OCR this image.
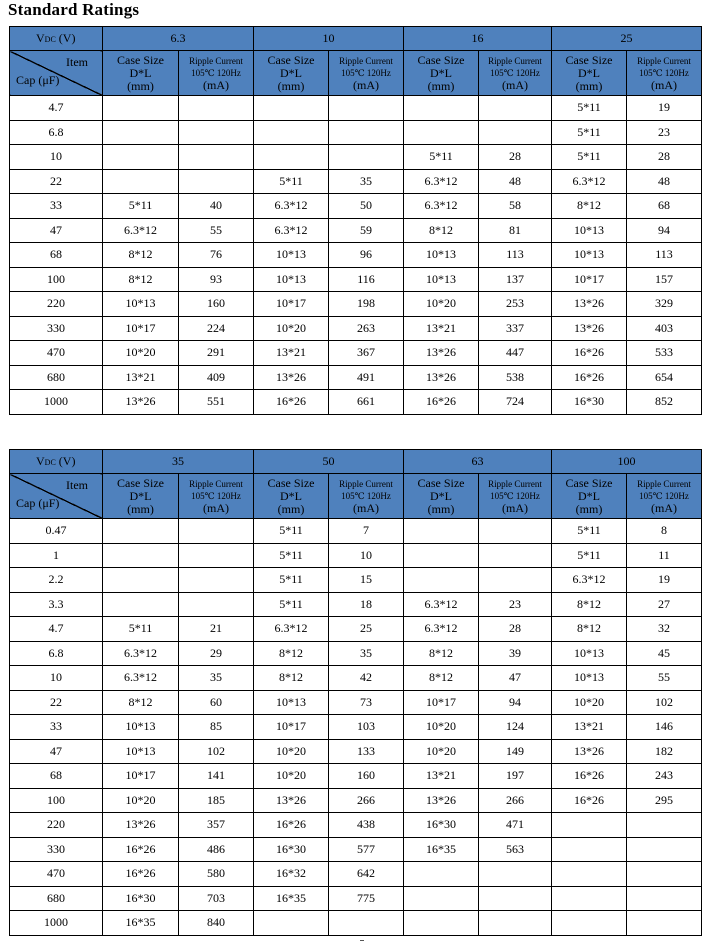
Standard Ratings
VDC (V)	6.3		10		16		25	

Item
Cap (μF)	Case Size
D*L
(mm)	Ripple Current
105℃ 120Hz
(mA)	Case Size
D*L
(mm)	Ripple Current
105℃ 120Hz
(mA)	Case Size
D*L
(mm)	Ripple Current
105℃ 120Hz
(mA)	Case Size
D*L
(mm)	Ripple Current
105℃ 120Hz
(mA)

4.7							5*11	19
6.8							5*11	23
10					5*11	28	5*11	28
22			5*11	35	6.3*12	48	6.3*12	48
33	5*11	40	6.3*12	50	6.3*12	58	8*12	68
47	6.3*12	55	6.3*12	59	8*12	81	10*13	94
68	8*12	76	10*13	96	10*13	113	10*13	113
100	8*12	93	10*13	116	10*13	137	10*17	157
220	10*13	160	10*17	198	10*20	253	13*26	329
330	10*17	224	10*20	263	13*21	337	13*26	403
470	10*20	291	13*21	367	13*26	447	16*26	533
680	13*21	409	13*26	491	13*26	538	16*26	654
1000	13*26	551	16*26	661	16*26	724	16*30	852
VDC (V)	35		50		63		100	

Item
Cap (μF)	Case Size
D*L
(mm)	Ripple Current
105℃ 120Hz
(mA)	Case Size
D*L
(mm)	Ripple Current
105℃ 120Hz
(mA)	Case Size
D*L
(mm)	Ripple Current
105℃ 120Hz
(mA)	Case Size
D*L
(mm)	Ripple Current
105℃ 120Hz
(mA)

0.47			5*11	7			5*11	8
1			5*11	10			5*11	11
2.2			5*11	15			6.3*12	19
3.3			5*11	18	6.3*12	23	8*12	27
4.7	5*11	21	6.3*12	25	6.3*12	28	8*12	32
6.8	6.3*12	29	8*12	35	8*12	39	10*13	45
10	6.3*12	35	8*12	42	8*12	47	10*13	55
22	8*12	60	10*13	73	10*17	94	10*20	102
33	10*13	85	10*17	103	10*20	124	13*21	146
47	10*13	102	10*20	133	10*20	149	13*26	182
68	10*17	141	10*20	160	13*21	197	16*26	243
100	10*20	185	13*26	266	13*26	266	16*26	295
220	13*26	357	16*26	438	16*30	471		
330	16*26	486	16*30	577	16*35	563		
470	16*26	580	16*32	642				
680	16*30	703	16*35	775				
1000	16*35	840						
